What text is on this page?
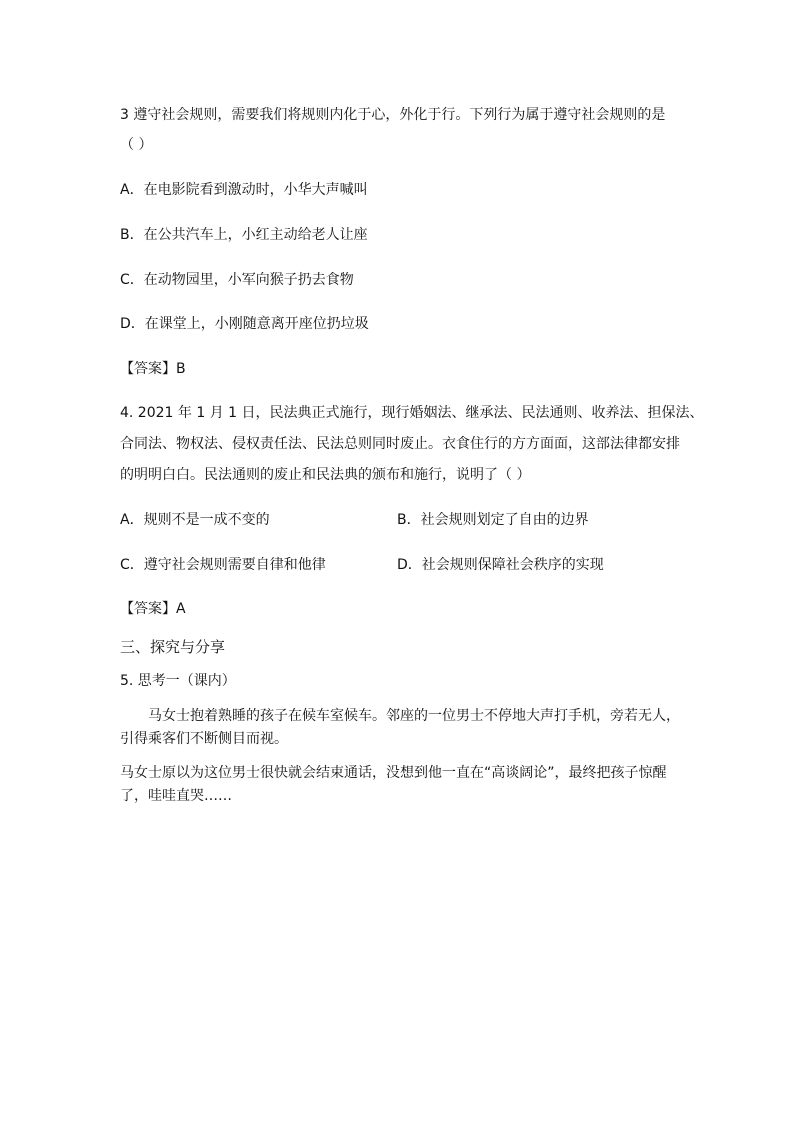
3 遵守社会规则，需要我们将规则内化于心，外化于行。下列行为属于遵守社会规则的是
（ ）
A．在电影院看到激动时，小华大声喊叫
B．在公共汽车上，小红主动给老人让座
C．在动物园里，小军向猴子扔去食物
D．在课堂上，小刚随意离开座位扔垃圾
【答案】B
4. 2021 年 1 月 1 日，民法典正式施行，现行婚姻法、继承法、民法通则、收养法、担保法、
合同法、物权法、侵权责任法、民法总则同时废止。衣食住行的方方面面，这部法律都安排
的明明白白。民法通则的废止和民法典的颁布和施行，说明了（ ）
A．规则不是一成不变的	B．社会规则划定了自由的边界
C．遵守社会规则需要自律和他律	D．社会规则保障社会秩序的实现
【答案】A
三、探究与分享
5. 思考一（课内）
马女士抱着熟睡的孩子在候车室候车。邻座的一位男士不停地大声打手机，旁若无人，
引得乘客们不断侧目而视。
马女士原以为这位男士很快就会结束通话，没想到他一直在“高谈阔论”，最终把孩子惊醒
了，哇哇直哭……
